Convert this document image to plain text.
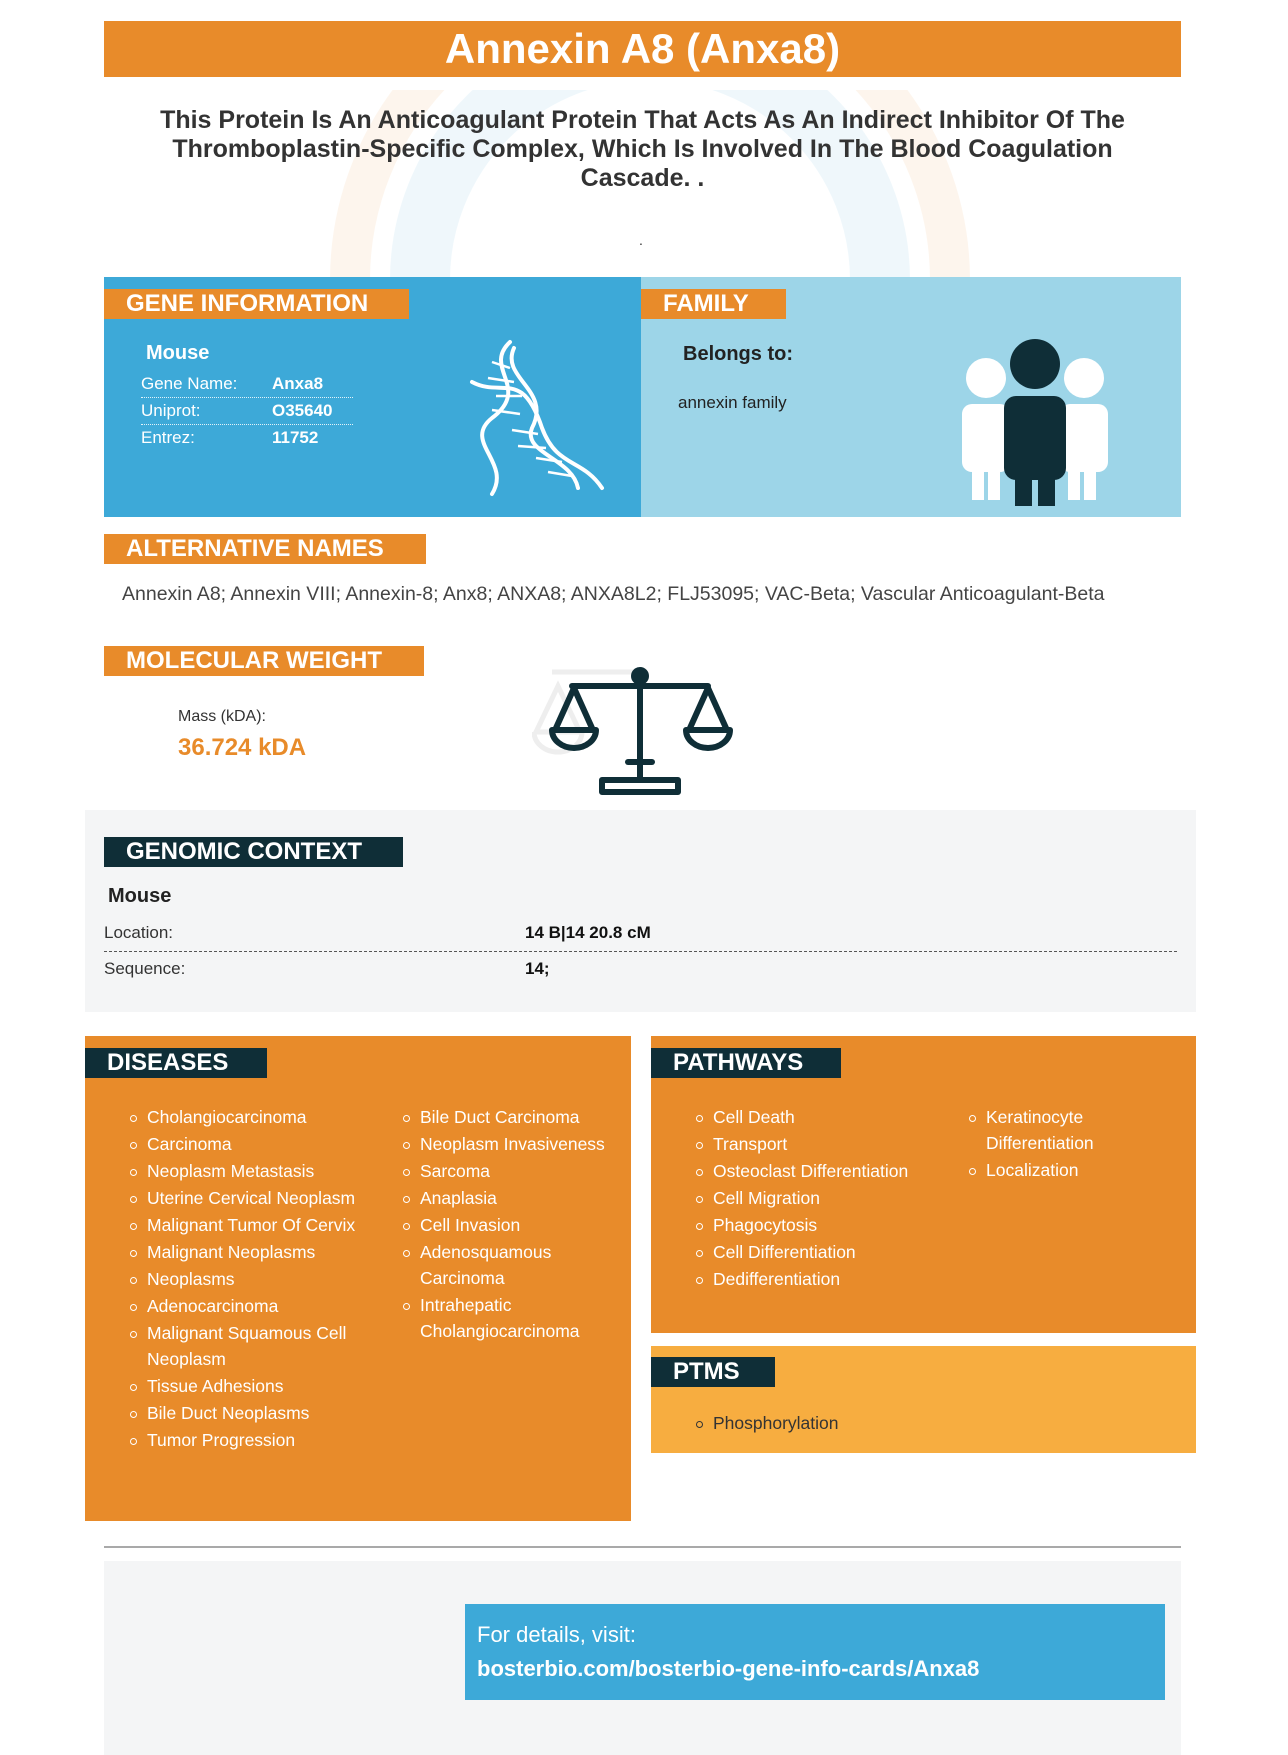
Annexin A8 (Anxa8)
This Protein Is An Anticoagulant Protein That Acts As An Indirect Inhibitor Of The Thromboplastin-Specific Complex, Which Is Involved In The Blood Coagulation Cascade. .
.
GENE INFORMATION
Mouse
Gene Name: Anxa8
Uniprot:	O35640
Entrez:	11752
FAMILY
Belongs to:
annexin family
ALTERNATIVE NAMES
Annexin A8; Annexin VIII; Annexin-8; Anx8; ANXA8; ANXA8L2; FLJ53095; VAC-Beta; Vascular Anticoagulant-Beta
MOLECULAR WEIGHT
Mass (kDA):
36.724 kDA
GENOMIC CONTEXT
Mouse
Location:	14 B|14 20.8 cM
Sequence:	14;
DISEASES
Cholangiocarcinoma
Carcinoma
Neoplasm Metastasis
Uterine Cervical Neoplasm
Malignant Tumor Of Cervix
Malignant Neoplasms
Neoplasms
Adenocarcinoma
Malignant Squamous Cell Neoplasm
Tissue Adhesions
Bile Duct Neoplasms
Tumor Progression
Bile Duct Carcinoma
Neoplasm Invasiveness
Sarcoma
Anaplasia
Cell Invasion
Adenosquamous Carcinoma
Intrahepatic Cholangiocarcinoma
PATHWAYS
Cell Death
Transport
Osteoclast Differentiation
Cell Migration
Phagocytosis
Cell Differentiation
Dedifferentiation
Keratinocyte Differentiation
Localization
PTMS
Phosphorylation
For details, visit:
bosterbio.com/bosterbio-gene-info-cards/Anxa8
